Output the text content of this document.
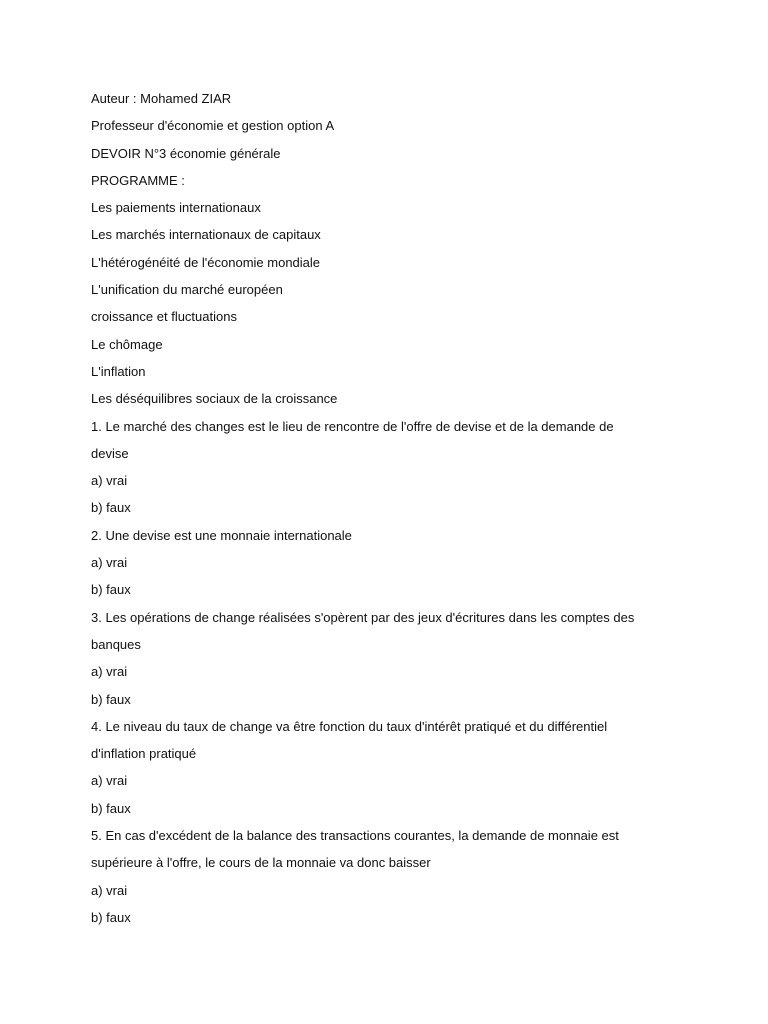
Auteur : Mohamed ZIAR
Professeur d'économie et gestion option A
DEVOIR N°3 économie générale
PROGRAMME :
Les paiements internationaux
Les marchés internationaux de capitaux
L'hétérogénéité de l'économie mondiale
L'unification du marché européen
croissance et fluctuations
Le chômage
L'inflation
Les déséquilibres sociaux de la croissance
1. Le marché des changes est le lieu de rencontre de l'offre de devise et de la demande de devise
a) vrai
b) faux
2. Une devise est une monnaie internationale
a) vrai
b) faux
3. Les opérations de change réalisées s'opèrent par des jeux d'écritures dans les comptes des banques
a) vrai
b) faux
4. Le niveau du taux de change va être fonction du taux d'intérêt pratiqué et du différentiel d'inflation pratiqué
a) vrai
b) faux
5. En cas d'excédent de la balance des transactions courantes, la demande de monnaie est supérieure à l'offre, le cours de la monnaie va donc baisser
a) vrai
b) faux
